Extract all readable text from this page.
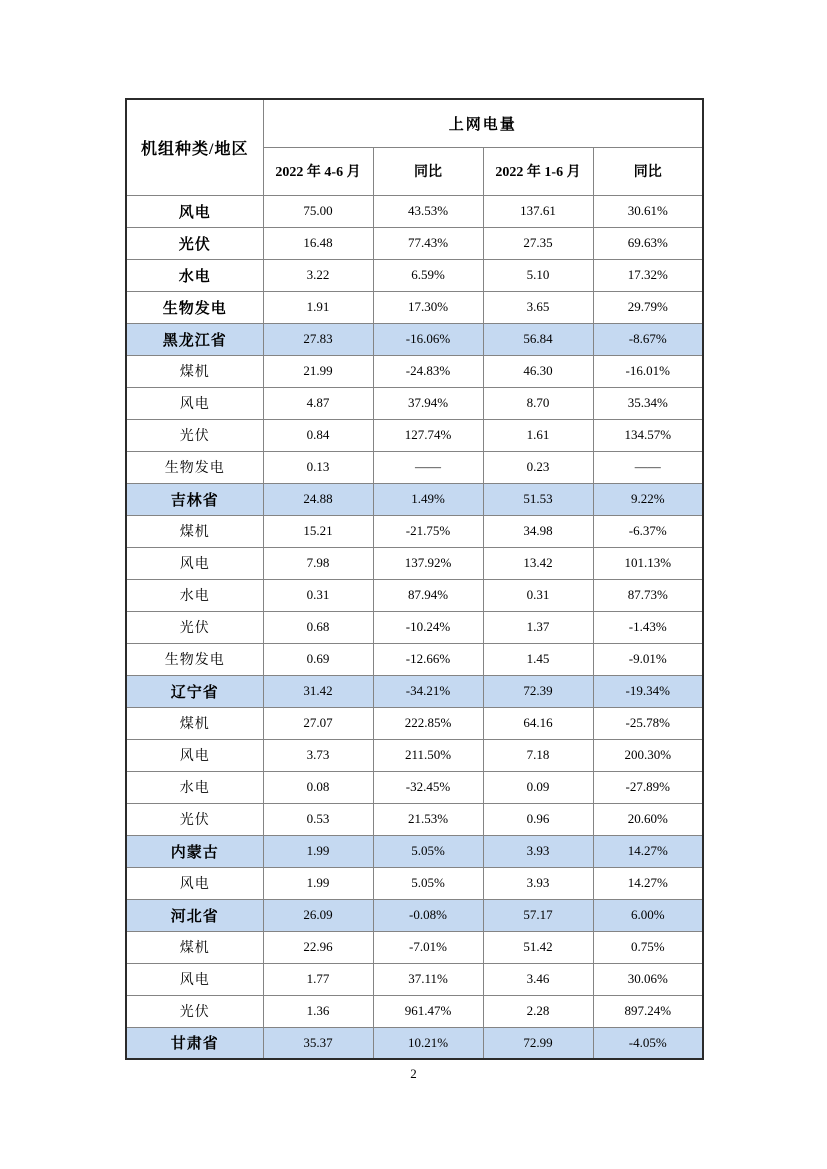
机组种类/地区	上网电量			
	2022 年 4-6 月	同比	2022 年 1-6 月	同比
风电	75.00	43.53%	137.61	30.61%
光伏	16.48	77.43%	27.35	69.63%
水电	3.22	6.59%	5.10	17.32%
生物发电	1.91	17.30%	3.65	29.79%
黑龙江省	27.83	-16.06%	56.84	-8.67%
煤机	21.99	-24.83%	46.30	-16.01%
风电	4.87	37.94%	8.70	35.34%
光伏	0.84	127.74%	1.61	134.57%
生物发电	0.13	——	0.23	——
吉林省	24.88	1.49%	51.53	9.22%
煤机	15.21	-21.75%	34.98	-6.37%
风电	7.98	137.92%	13.42	101.13%
水电	0.31	87.94%	0.31	87.73%
光伏	0.68	-10.24%	1.37	-1.43%
生物发电	0.69	-12.66%	1.45	-9.01%
辽宁省	31.42	-34.21%	72.39	-19.34%
煤机	27.07	222.85%	64.16	-25.78%
风电	3.73	211.50%	7.18	200.30%
水电	0.08	-32.45%	0.09	-27.89%
光伏	0.53	21.53%	0.96	20.60%
内蒙古	1.99	5.05%	3.93	14.27%
风电	1.99	5.05%	3.93	14.27%
河北省	26.09	-0.08%	57.17	6.00%
煤机	22.96	-7.01%	51.42	0.75%
风电	1.77	37.11%	3.46	30.06%
光伏	1.36	961.47%	2.28	897.24%
甘肃省	35.37	10.21%	72.99	-4.05%
2
